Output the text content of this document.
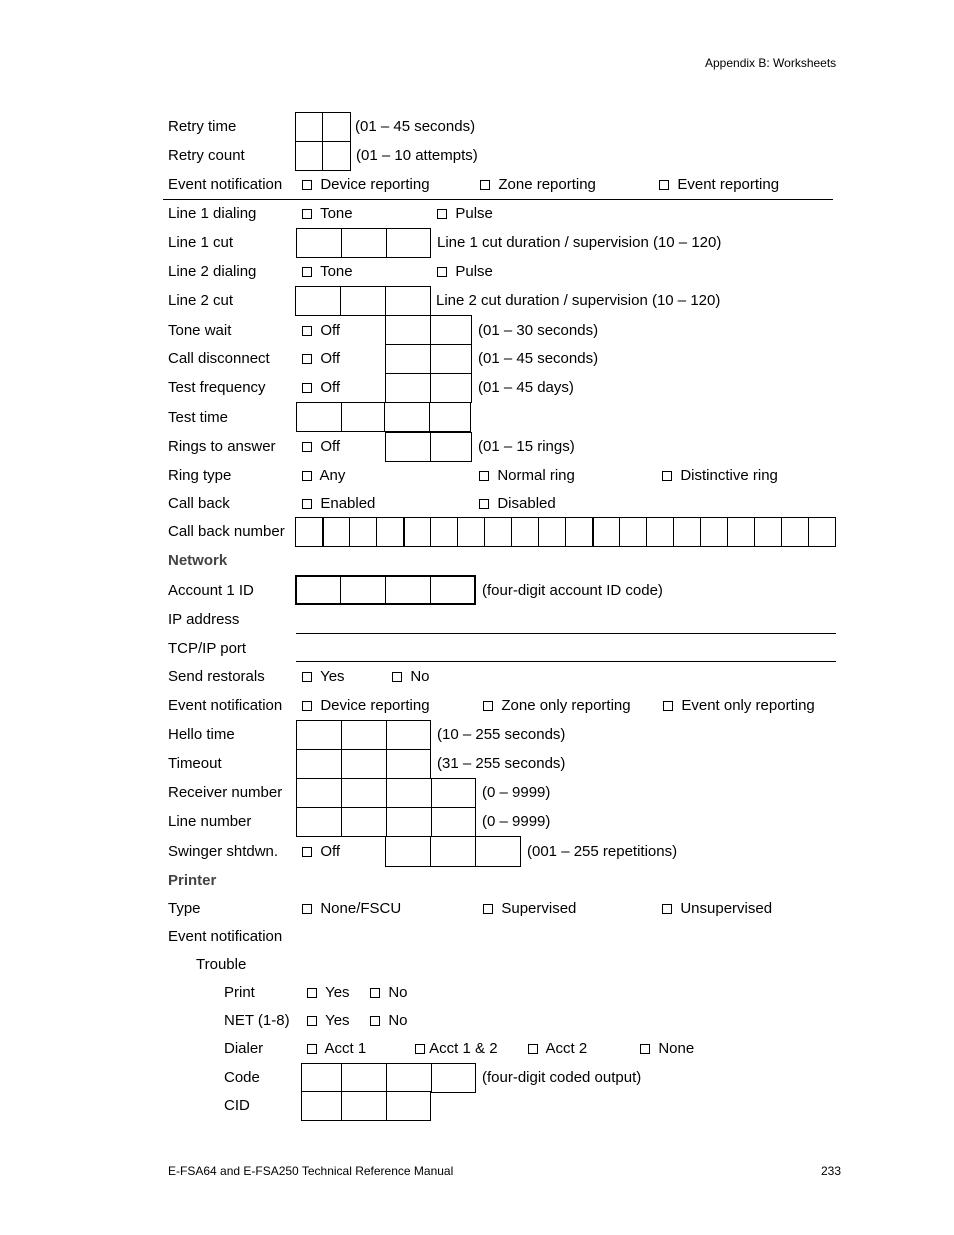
Appendix B: Worksheets
Retry time	(01 – 45 seconds)
Retry count	(01 – 10 attempts)
Event notification	Device reporting	Zone reporting	Event reporting
Line 1 dialing	Tone	Pulse
Line 1 cut	Line 1 cut duration / supervision (10 – 120)
Line 2 dialing	Tone	Pulse
Line 2 cut	Line 2 cut duration / supervision (10 – 120)
Tone wait	Off	(01 – 30 seconds)
Call disconnect	Off	(01 – 45 seconds)
Test frequency	Off	(01 – 45 days)
Test time
Rings to answer	Off	(01 – 15 rings)
Ring type	Any	Normal ring	Distinctive ring
Call back	Enabled	Disabled
Call back number
Network
Account 1 ID	(four-digit account ID code)
IP address
TCP/IP port
Send restorals	Yes	No
Event notification	Device reporting	Zone only reporting	Event only reporting
Hello time	(10 – 255 seconds)
Timeout	(31 – 255 seconds)
Receiver number	(0 – 9999)
Line number	(0 – 9999)
Swinger shtdwn.	Off	(001 – 255 repetitions)
Printer
Type	None/FSCU	Supervised	Unsupervised
Event notification
Trouble
Print	Yes	No
NET (1-8)	Yes	No
Dialer	Acct 1	Acct 1 & 2	Acct 2	None
Code	(four-digit coded output)
CID
E-FSA64 and E-FSA250 Technical Reference Manual	233
